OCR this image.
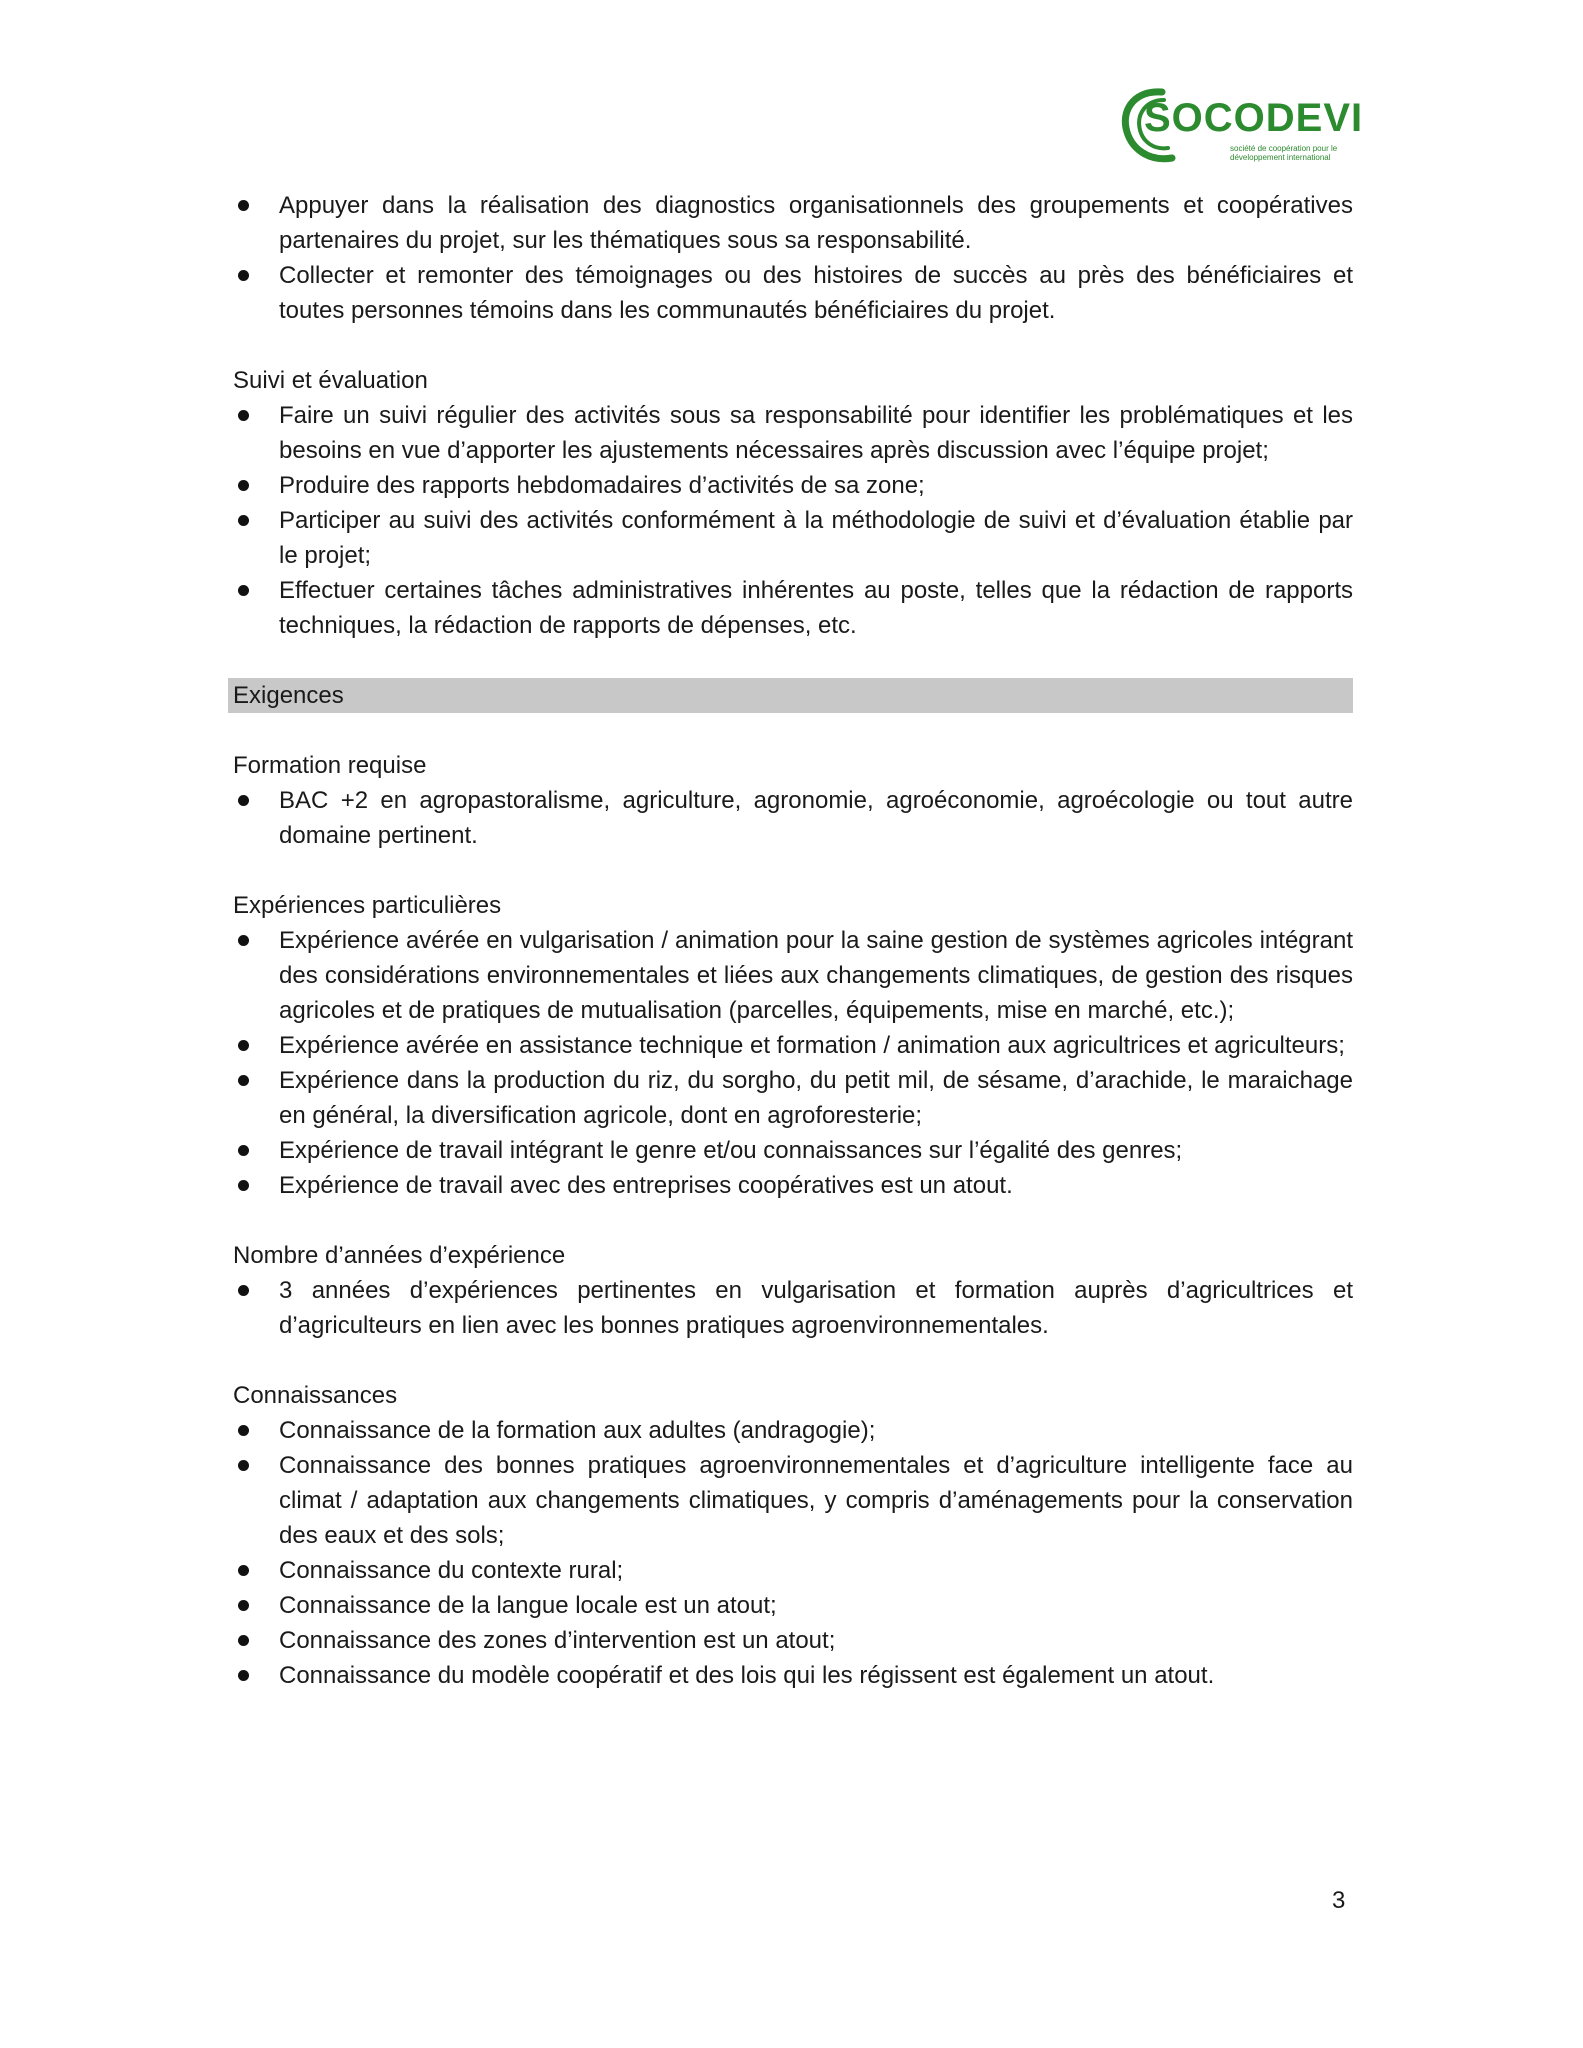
SOCODEVI
société de coopération pour le
développement international
Appuyer dans la réalisation des diagnostics organisationnels des groupements et coopératives partenaires du projet, sur les thématiques sous sa responsabilité.
Collecter et remonter des témoignages ou des histoires de succès au près des bénéficiaires et toutes personnes témoins dans les communautés bénéficiaires du projet.
Suivi et évaluation
Faire un suivi régulier des activités sous sa responsabilité pour identifier les problématiques et les besoins en vue d’apporter les ajustements nécessaires après discussion avec l’équipe projet;
Produire des rapports hebdomadaires d’activités de sa zone;
Participer au suivi des activités conformément à la méthodologie de suivi et d’évaluation établie par le projet;
Effectuer certaines tâches administratives inhérentes au poste, telles que la rédaction de rapports techniques, la rédaction de rapports de dépenses, etc.
Exigences
Formation requise
BAC +2 en agropastoralisme, agriculture, agronomie, agroéconomie, agroécologie ou tout autre domaine pertinent.
Expériences particulières
Expérience avérée en vulgarisation / animation pour la saine gestion de systèmes agricoles intégrant des considérations environnementales et liées aux changements climatiques, de gestion des risques agricoles et de pratiques de mutualisation (parcelles, équipements, mise en marché, etc.);
Expérience avérée en assistance technique et formation / animation aux agricultrices et agriculteurs;
Expérience dans la production du riz, du sorgho, du petit mil, de sésame, d’arachide, le maraichage en général, la diversification agricole, dont en agroforesterie;
Expérience de travail intégrant le genre et/ou connaissances sur l’égalité des genres;
Expérience de travail avec des entreprises coopératives est un atout.
Nombre d’années d’expérience
3 années d’expériences pertinentes en vulgarisation et formation auprès d’agricultrices et d’agriculteurs en lien avec les bonnes pratiques agroenvironnementales.
Connaissances
Connaissance de la formation aux adultes (andragogie);
Connaissance des bonnes pratiques agroenvironnementales et d’agriculture intelligente face au climat / adaptation aux changements climatiques, y compris d’aménagements pour la conservation des eaux et des sols;
Connaissance du contexte rural;
Connaissance de la langue locale est un atout;
Connaissance des zones d’intervention est un atout;
Connaissance du modèle coopératif et des lois qui les régissent est également un atout.
3
